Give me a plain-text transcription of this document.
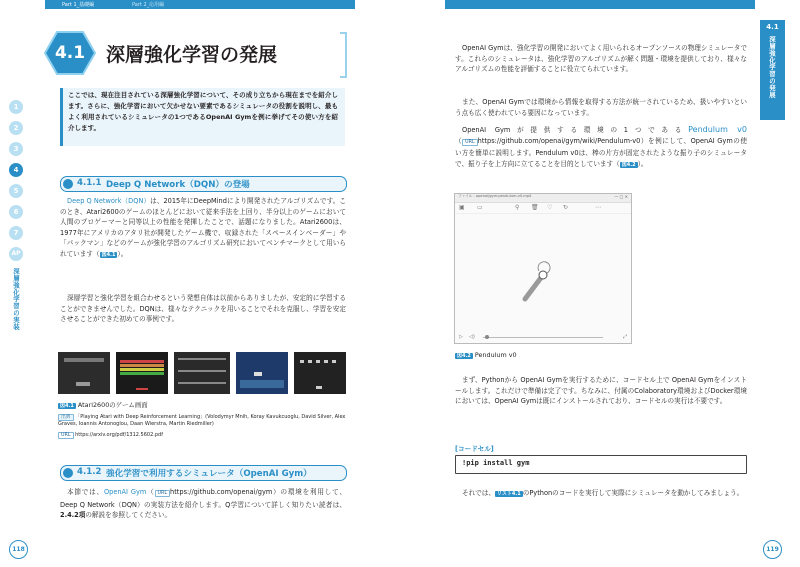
Part 1_基礎編	Part 2_応用編
4.1	深層強化学習の発展
ここでは、現在注目されている深層強化学習について、その成り立ちから現在までを紹介します。さらに、強化学習において欠かせない要素であるシミュレータの役割を説明し、最もよく利用されているシミュレータの1つであるOpenAI Gymを例に挙げてその使い方を紹介します。
1
2
3
4
5
6
7
AP
深層強化学習の実装
4.1.1 Deep Q Network（DQN）の登場
Deep Q Network（DQN）は、2015年にDeepMindにより開発されたアルゴリズムです。このとき、Atari2600のゲームのほとんどにおいて従来手法を上回り、半分以上のゲームにおいて人間のプロゲーマーと同等以上の性能を発揮したことで、話題になりました。Atari2600は、1977年にアメリカのアタリ社が開発したゲーム機で、収録された「スペースインベーダー」や「パックマン」などのゲームが強化学習のアルゴリズム研究においてベンチマークとして用いられています（ 図4.1 ）。
深層学習と強化学習を組合わせるという発想自体は以前からありましたが、安定的に学習することができませんでした。DQNは、様々なテクニックを用いることでそれを克服し、学習を安定させることができた初めての事例です。
図4.1 Atari2600のゲーム画面
出典 「Playing Atari with Deep Reinforcement Learning」(Volodymyr Mnih, Koray Kavukcuoglu, David Silver, Alex Graves, Ioannis Antonoglou, Daan Wierstra, Martin Riedmiller)
URL https://arxiv.org/pdf/1312.5602.pdf
4.1.2 強化学習で利用するシミュレータ（OpenAI Gym）
本節では、OpenAI Gym（ URL https://github.com/openai/gym）の環境を利用して、Deep Q Network（DQN）の実装方法を紹介します。Q学習について詳しく知りたい読者は、2.4.2項の解説を参照してください。
118
4.1
深層強化学習の発展
OpenAI Gymは、強化学習の開発においてよく用いられるオープンソースの物理シミュレータです。これらのシミュレータは、強化学習のアルゴリズムが解く問題・環境を提供しており、様々なアルゴリズムの性能を評価することに役立てられています。
また、OpenAI Gymでは環境から情報を取得する方法が統一されているため、扱いやすいという点も広く使われている要因になっています。
OpenAI Gymが提供する環境の1つであるPendulum v0（ URL https://github.com/openai/gym/wiki/Pendulum-v0）を例にして、OpenAI Gymの使い方を簡単に説明します。Pendulum v0は、棒の片方が固定されたような振り子のシミュレータで、振り子を上方向に立てることを目的としています（ 図4.2 ）。
ファイル - openai/gym:pendulum-v0.mp4	— □ ✕
▣ ▭	⚲ 🗑 ♡ ↻	⋯
▷ ◁)	⤢
図4.2 Pendulum v0
まず、Pythonから OpenAI Gymを実行するために、コードセル上で OpenAI Gymをインストールします。これだけで準備は完了です。ちなみに、付属のColaboratory環境およびDocker環境においては、OpenAI Gymは既にインストールされており、コードセルの実行は不要です。
[コードセル]
!pip install gym
それでは、 リスト4.1 のPythonのコードを実行して実際にシミュレータを動かしてみましょう。
119
